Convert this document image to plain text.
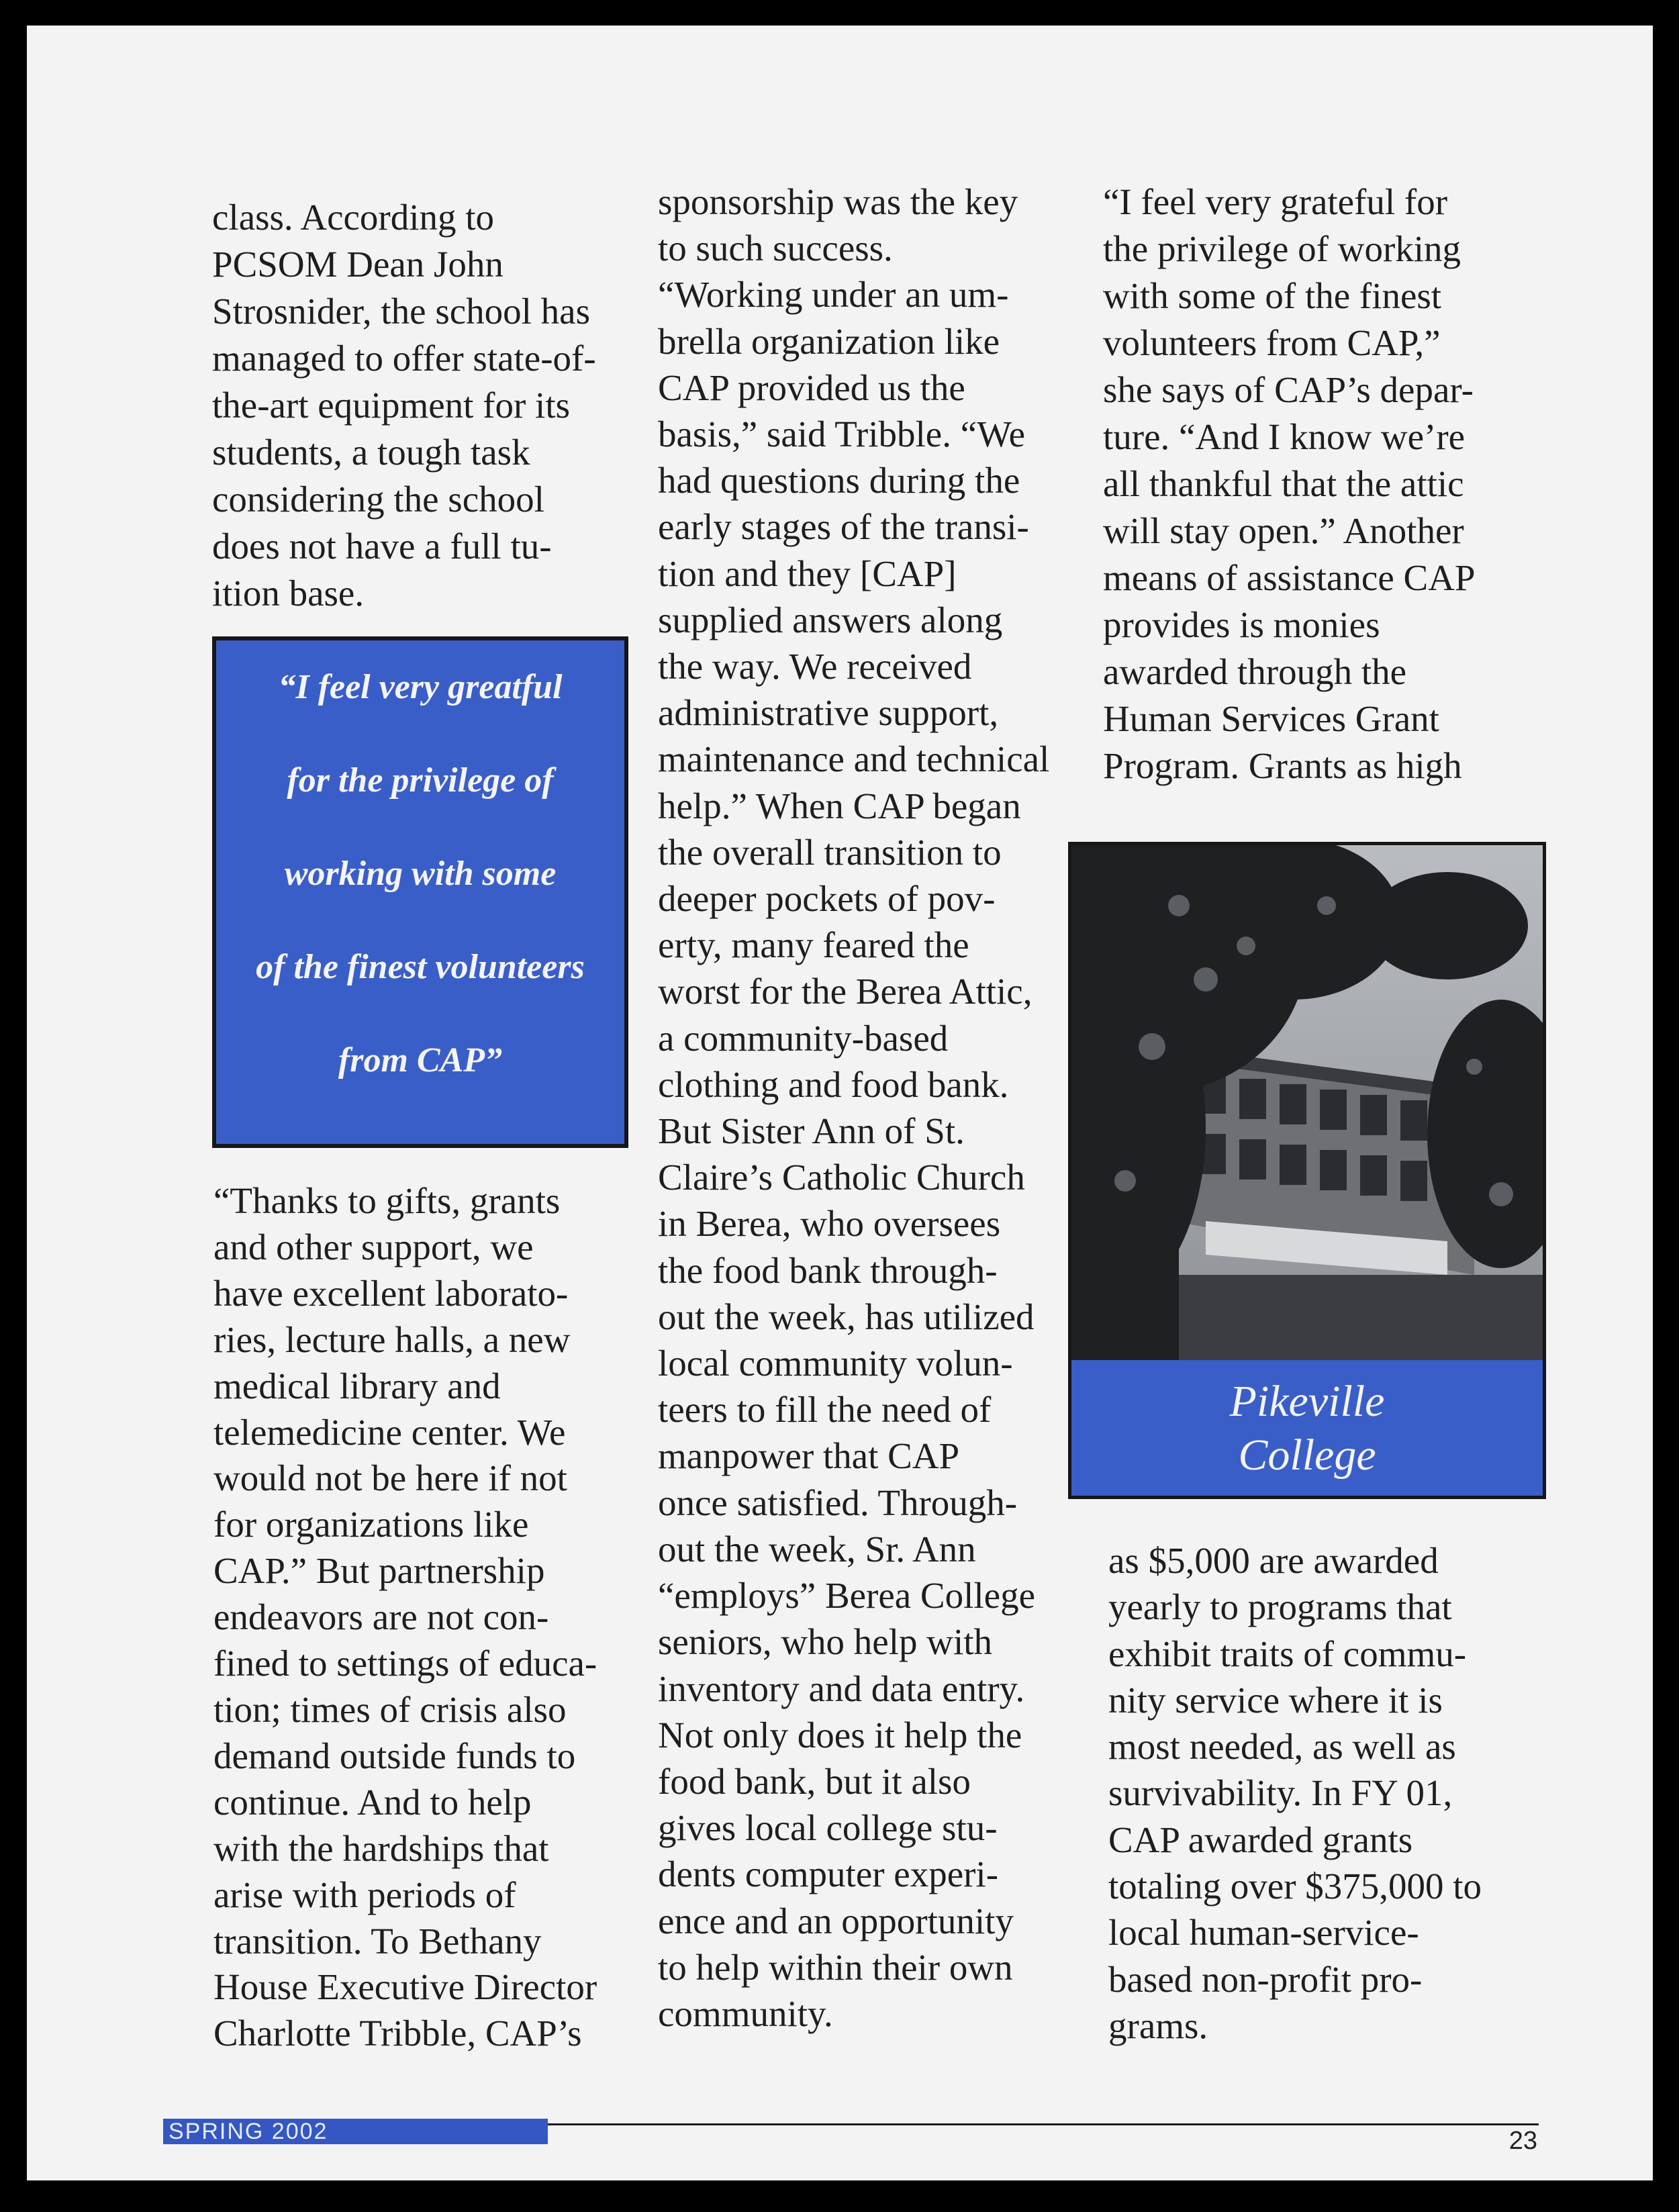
class. According to
PCSOM Dean John
Strosnider, the school has
managed to offer state-of-
the-art equipment for its
students, a tough task
considering the school
does not have a full tu-
ition base.
“I feel very greatful
for the privilege of
working with some
of the finest volunteers
from CAP”
“Thanks to gifts, grants
and other support, we
have excellent laborato-
ries, lecture halls, a new
medical library and
telemedicine center. We
would not be here if not
for organizations like
CAP.” But partnership
endeavors are not con-
fined to settings of educa-
tion; times of crisis also
demand outside funds to
continue. And to help
with the hardships that
arise with periods of
transition. To Bethany
House Executive Director
Charlotte Tribble, CAP’s
sponsorship was the key
to such success.
“Working under an um-
brella organization like
CAP provided us the
basis,” said Tribble. “We
had questions during the
early stages of the transi-
tion and they [CAP]
supplied answers along
the way. We received
administrative support,
maintenance and technical
help.” When CAP began
the overall transition to
deeper pockets of pov-
erty, many feared the
worst for the Berea Attic,
a community-based
clothing and food bank.
But Sister Ann of St.
Claire’s Catholic Church
in Berea, who oversees
the food bank through-
out the week, has utilized
local community volun-
teers to fill the need of
manpower that CAP
once satisfied. Through-
out the week, Sr. Ann
“employs” Berea College
seniors, who help with
inventory and data entry.
Not only does it help the
food bank, but it also
gives local college stu-
dents computer experi-
ence and an opportunity
to help within their own
community.
“I feel very grateful for
the privilege of working
with some of the finest
volunteers from CAP,”
she says of CAP’s depar-
ture. “And I know we’re
all thankful that the attic
will stay open.” Another
means of assistance CAP
provides is monies
awarded through the
Human Services Grant
Program. Grants as high
Pikeville
College
as $5,000 are awarded
yearly to programs that
exhibit traits of commu-
nity service where it is
most needed, as well as
survivability. In FY 01,
CAP awarded grants
totaling over $375,000 to
local human-service-
based non-profit pro-
grams.
SPRING 2002	23
